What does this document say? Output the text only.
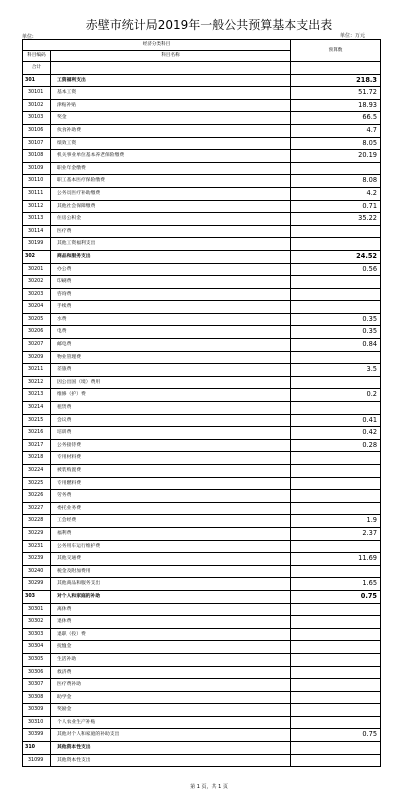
赤壁市统计局2019年一般公共预算基本支出表
单位:	单位：万元
经济分类科目		预算数
科目编码	科目名称	
合计		
301	工资福利支出	218.3
30101	基本工资	51.72
30102	津贴补贴	18.93
30103	奖金	66.5
30106	伙食补助费	4.7
30107	绩效工资	8.05
30108	机关事业单位基本养老保险缴费	20.19
30109	职业年金缴费	
30110	职工基本医疗保险缴费	8.08
30111	公务员医疗补助缴费	4.2
30112	其他社会保障缴费	0.71
30113	住房公积金	35.22
30114	医疗费	
30199	其他工资福利支出	
302	商品和服务支出	24.52
30201	办公费	0.56
30202	印刷费	
30203	咨询费	
30204	手续费	
30205	水费	0.35
30206	电费	0.35
30207	邮电费	0.84
30209	物业管理费	
30211	差旅费	3.5
30212	因公出国（境）费用	
30213	维修（护）费	0.2
30214	租赁费	
30215	会议费	0.41
30216	培训费	0.42
30217	公务接待费	0.28
30218	专用材料费	
30224	被装购置费	
30225	专用燃料费	
30226	劳务费	
30227	委托业务费	
30228	工会经费	1.9
30229	福利费	2.37
30231	公务用车运行维护费	
30239	其他交通费	11.69
30240	税金及附加费用	
30299	其他商品和服务支出	1.65
303	对个人和家庭的补助	0.75
30301	离休费	
30302	退休费	
30303	退职（役）费	
30304	抚恤金	
30305	生活补助	
30306	救济费	
30307	医疗费补助	
30308	助学金	
30309	奖励金	
30310	个人农业生产补贴	
30399	其他对个人和家庭的补助支出	0.75
310	其他资本性支出	
31099	其他资本性支出	
第 1 页，共 1 页
